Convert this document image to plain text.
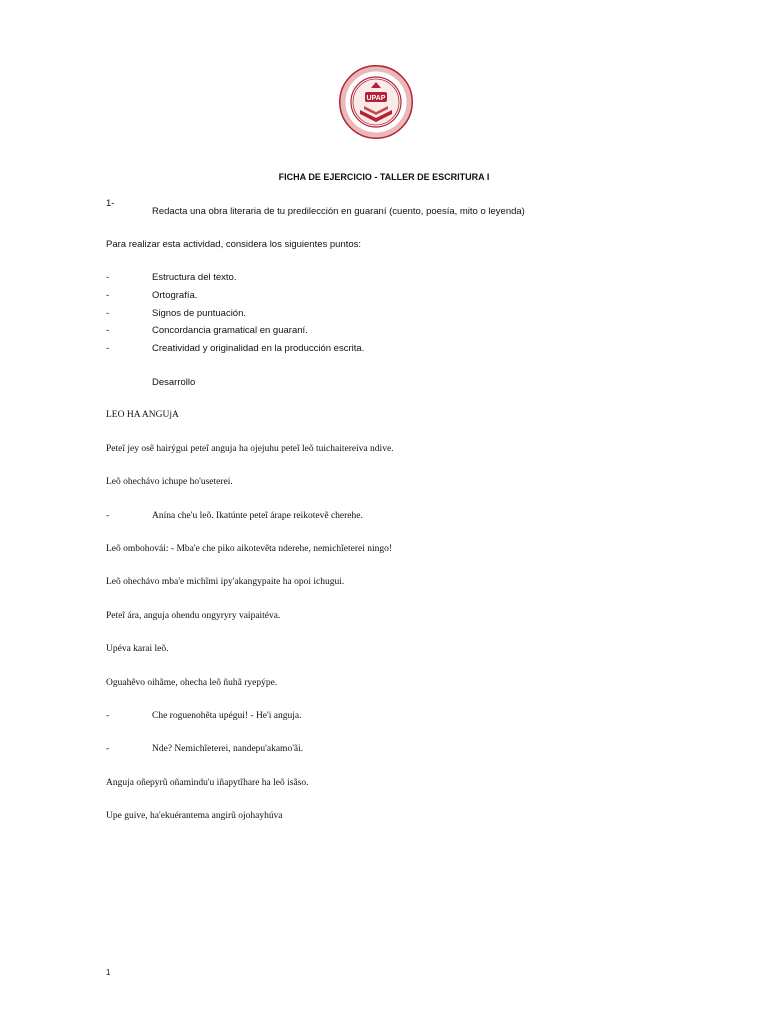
UPAP
FICHA DE EJERCICIO - TALLER DE ESCRITURA I
1-
Redacta una obra literaria de tu predilección en guaraní (cuento, poesía, mito o leyenda)
Para realizar esta actividad, considera los siguientes puntos:
-	Estructura del texto.
-	Ortografía.
-	Signos de puntuación.
-	Concordancia gramatical en guaraní.
-	Creatividad y originalidad en la producción escrita.
Desarrollo
LEO HA ANGUjA
Peteĩ jey osẽ hairýgui peteĩ anguja ha ojejuhu peteĩ leõ tuichaitereíva ndive.
Leõ ohechávo ichupe ho'useterei.
-	Anína che'u leõ. Ikatúnte peteĩ árape reikotevẽ cherehe.
Leõ ombohovái: - Mba'e che piko aikotevẽta nderehe, nemichĩeterei ningo!
Leõ ohechávo mba'e michĩmi ipy'akangypaite ha opoi ichugui.
Peteĩ ára, anguja ohendu ongyryry vaipaitéva.
Upéva karai leõ.
Oguahẽvo oihãme, ohecha leõ ñuhã ryepýpe.
-	Che roguenohẽta upégui! - He'i anguja.
-	Nde? Nemichĩeterei, nandepu'akamo'ãi.
Anguja oñepyrũ oñamindu'u iñapytĩhare ha leõ isãso.
Upe guive, ha'ekuérantema angirũ ojohayhúva
1
